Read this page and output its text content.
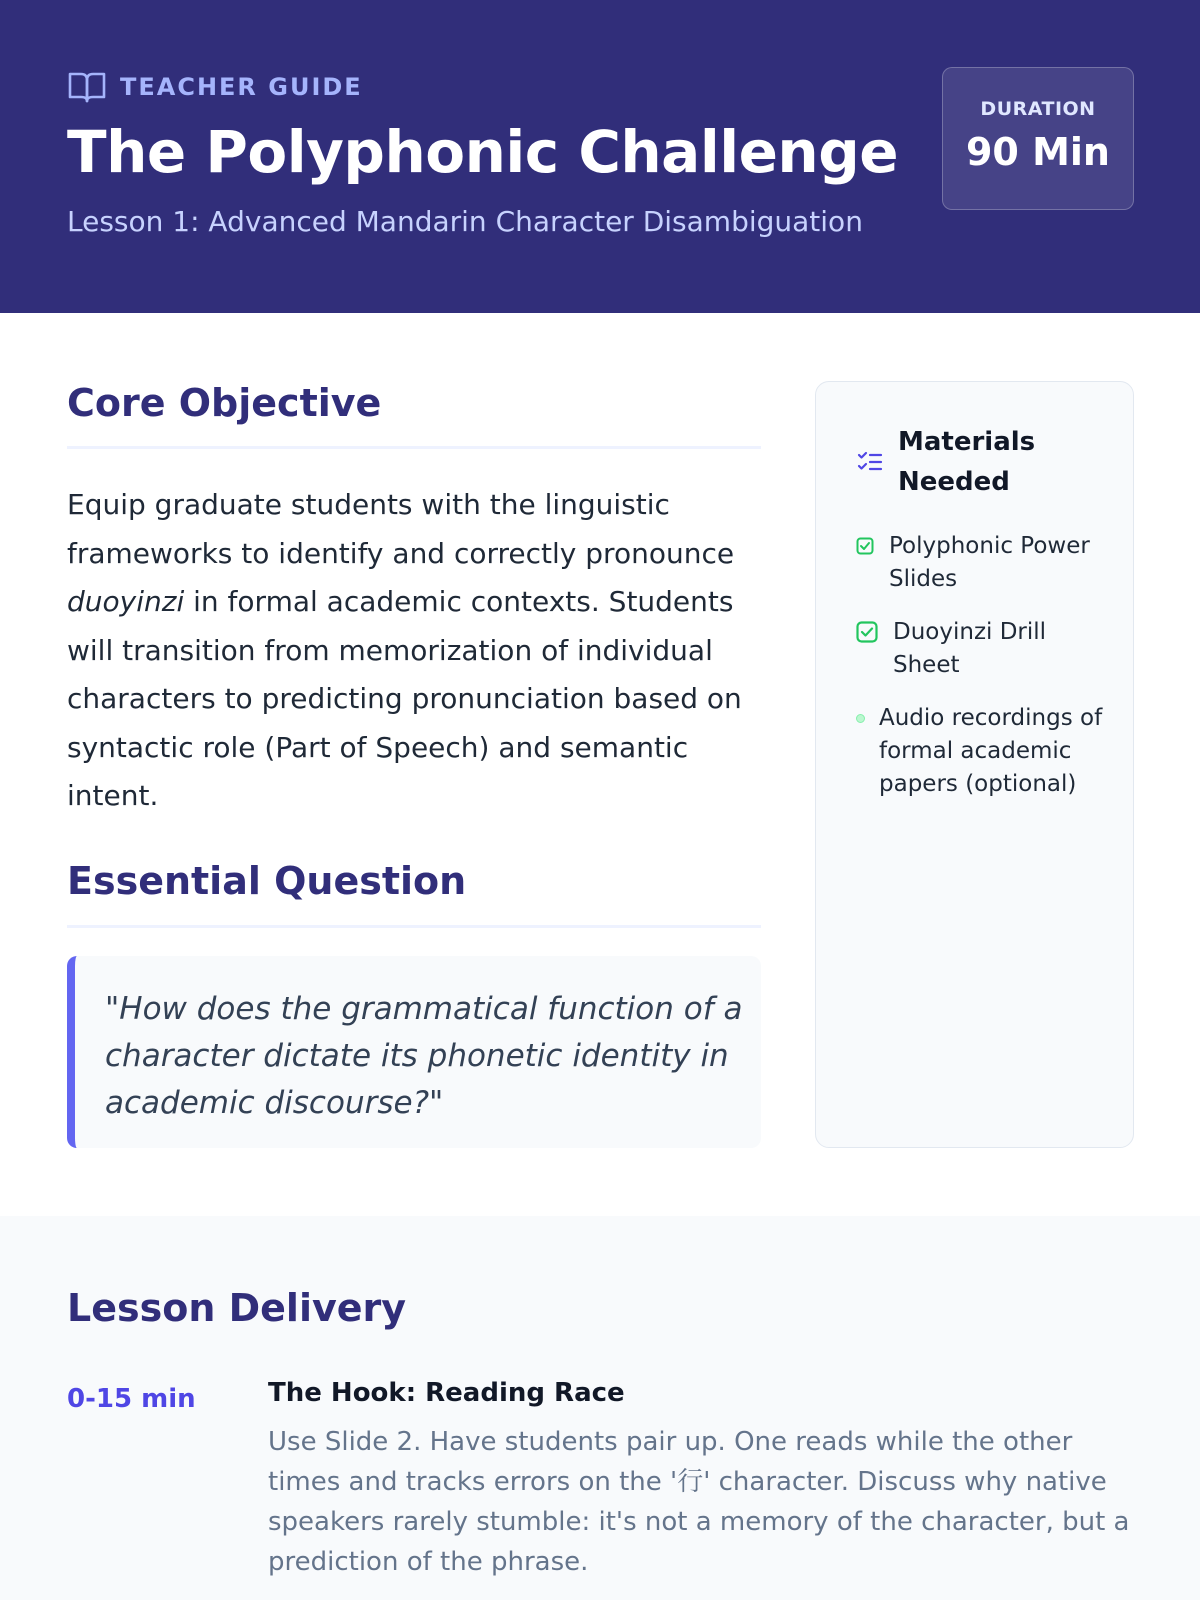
TEACHER GUIDE
The Polyphonic Challenge
Lesson 1: Advanced Mandarin Character Disambiguation
DURATION
90 Min
Core Objective

Equip graduate students with the linguistic frameworks to identify and correctly pronounce duoyinzi in formal academic contexts. Students will transition from memorization of individual characters to predicting pronunciation based on syntactic role (Part of Speech) and semantic intent.

Essential Question

"How does the grammatical function of a character dictate its phonetic identity in academic discourse?"

Materials Needed
Polyphonic Power Slides
Duoyinzi Drill Sheet
Audio recordings of formal academic papers (optional)
Lesson Delivery
0-15 min	The Hook: Reading Race
Use Slide 2. Have students pair up. One reads while the other times and tracks errors on the '行' character. Discuss why native speakers rarely stumble: it's not a memory of the character, but a prediction of the phrase.
